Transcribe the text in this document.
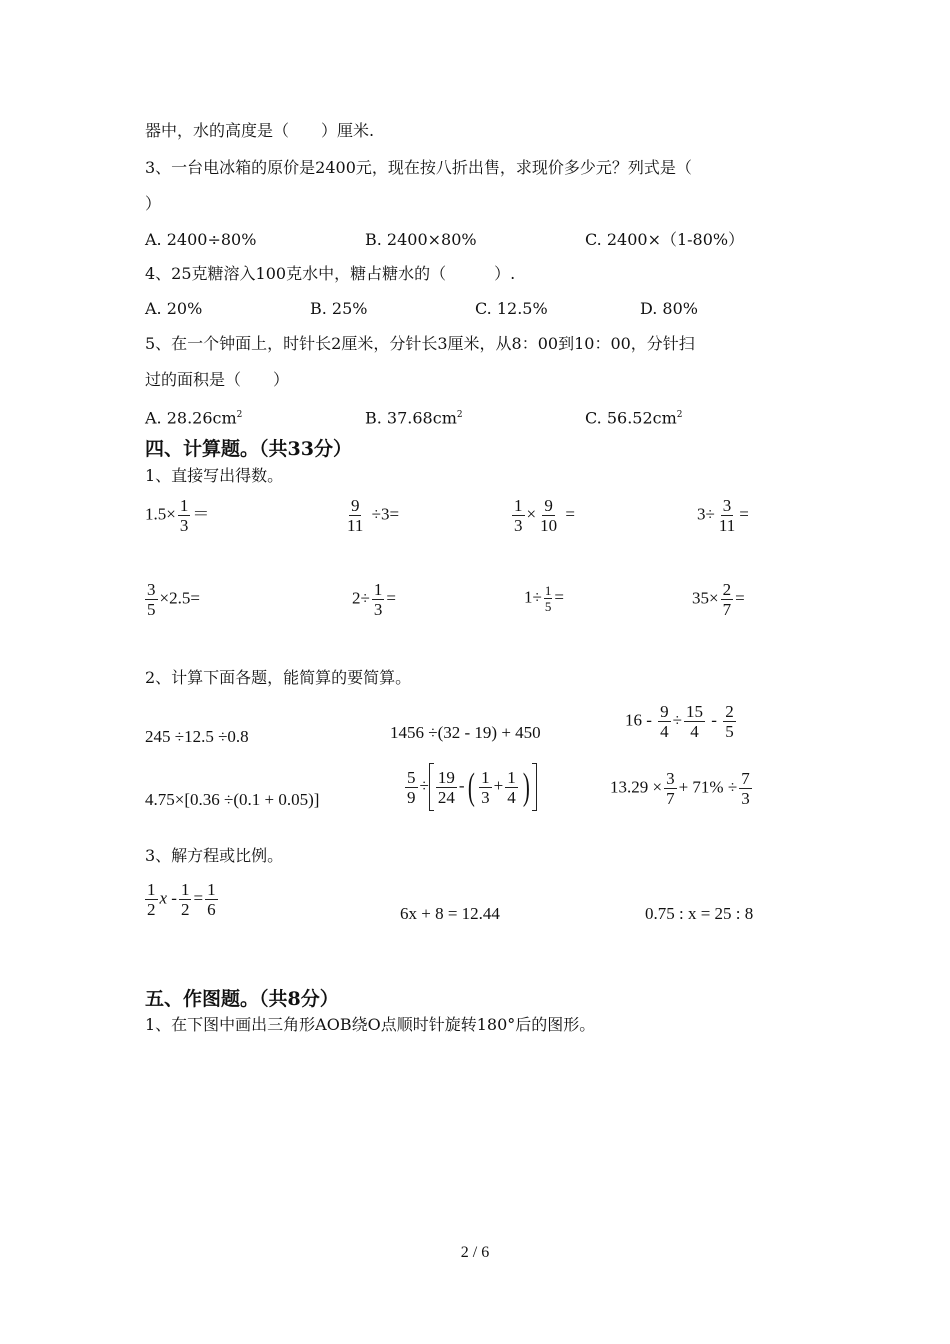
器中，水的高度是（　　）厘米.
3、一台电冰箱的原价是2400元，现在按八折出售，求现价多少元？列式是（
）
A. 2400÷80%	B. 2400×80%	C. 2400×（1-80%）
4、25克糖溶入100克水中，糖占糖水的（　　　）.
A. 20%	B. 25%	C. 12.5%	D. 80%
5、在一个钟面上，时针长2厘米，分针长3厘米，从8：00到10：00，分针扫
过的面积是（　　）
A. $28.26cm^2$	B. $37.68cm^2$	C. $56.52cm^2$
四、计算题。（共33分）
1、直接写出得数。
$1.5\times \frac{1}{3}$ ＝	$\frac{9}{11} \div 3=$	$\frac{1}{3} \times \frac{9}{10}$ =	$3\div \frac{3}{11}$ =
$\frac{3}{5} \times 2.5=$	$2\div \frac{1}{3}$ =	$1\div \frac{1}{5}$ =	$35\times \frac{2}{7}$ =
2、计算下面各题，能简算的要简算。
245 ÷12.5 ÷0.8	1456 ÷(32 - 19) + 450
$16 - \frac{9}{4} \div \frac{15}{4} - \frac{2}{5}$
4.75×[0.36 ÷(0.1 + 0.05)]	$\frac{5}{9} \div \frac{19}{24}$ -( $\frac{1}{3} + \frac{1}{4}$ )	$13.29 \times \frac{3}{7} + 71\% \div \frac{7}{3}$
3、解方程或比例。
$\frac{1}{2}$ $x - \frac{1}{2} = \frac{1}{6}$	6x + 8 = 12.44	0.75 : x = 25 : 8
五、作图题。（共8分）
1、在下图中画出三角形AOB绕O点顺时针旋转180°后的图形。
2 / 6
